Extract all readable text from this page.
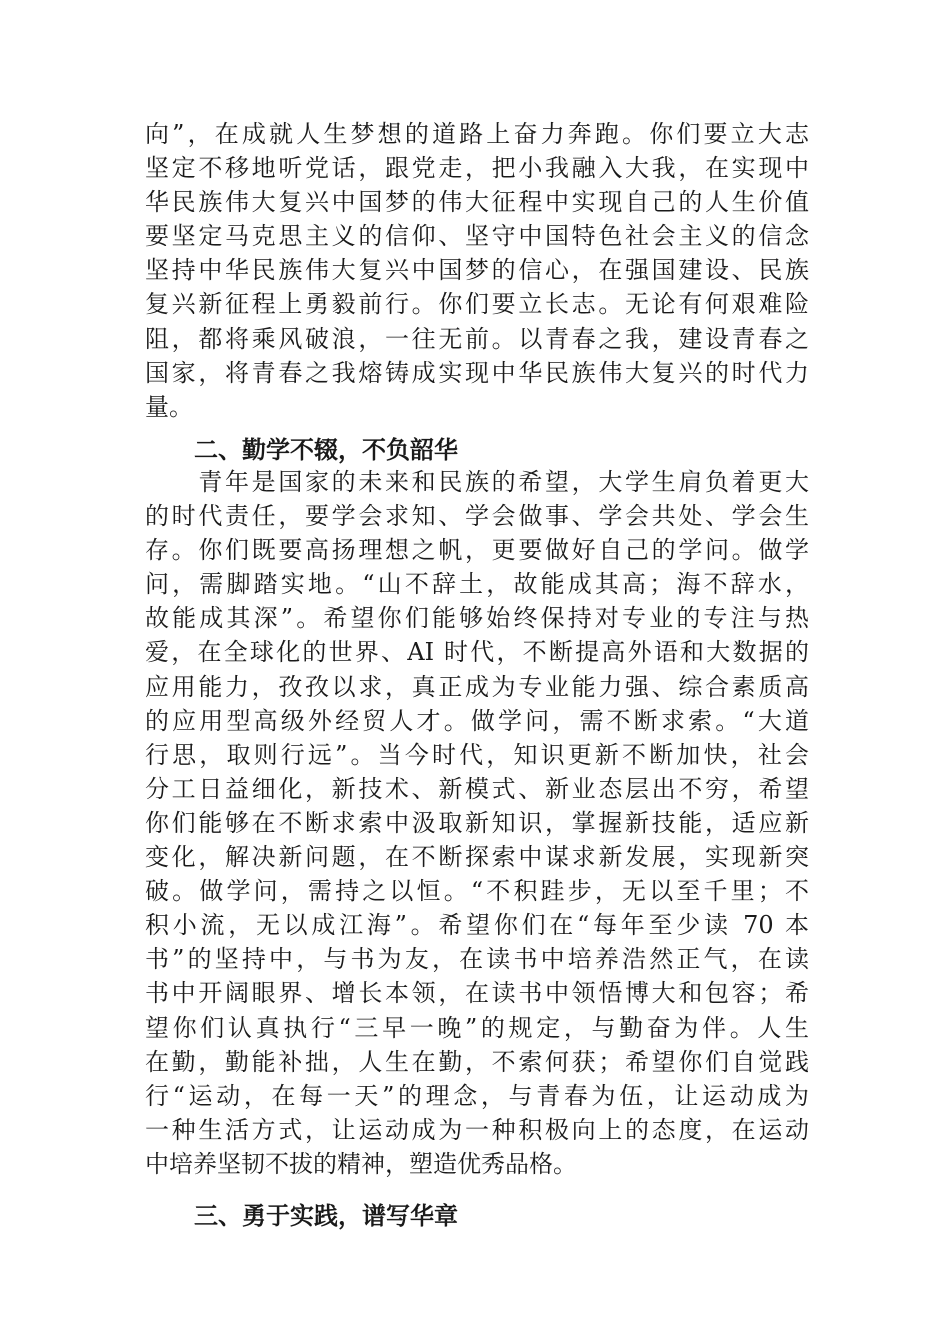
向”，在成就人生梦想的道路上奋力奔跑。你们要立大志
坚定不移地听党话，跟党走，把小我融入大我，在实现中
华民族伟大复兴中国梦的伟大征程中实现自己的人生价值
要坚定马克思主义的信仰、坚守中国特色社会主义的信念
坚持中华民族伟大复兴中国梦的信心，在强国建设、民族
复兴新征程上勇毅前行。你们要立长志。无论有何艰难险
阻，都将乘风破浪，一往无前。以青春之我，建设青春之
国家，将青春之我熔铸成实现中华民族伟大复兴的时代力
量。
二、勤学不辍，不负韶华
　　青年是国家的未来和民族的希望，大学生肩负着更大
的时代责任，要学会求知、学会做事、学会共处、学会生
存。你们既要高扬理想之帆，更要做好自己的学问。做学
问，需脚踏实地。“山不辞土，故能成其高；海不辞水，
故能成其深”。希望你们能够始终保持对专业的专注与热
爱，在全球化的世界、AI 时代，不断提高外语和大数据的
应用能力，孜孜以求，真正成为专业能力强、综合素质高
的应用型高级外经贸人才。做学问，需不断求索。“大道
行思，取则行远”。当今时代，知识更新不断加快，社会
分工日益细化，新技术、新模式、新业态层出不穷，希望
你们能够在不断求索中汲取新知识，掌握新技能，适应新
变化，解决新问题，在不断探索中谋求新发展，实现新突
破。做学问，需持之以恒。“不积跬步，无以至千里；不
积小流，无以成江海”。希望你们在“每年至少读 70 本
书”的坚持中，与书为友，在读书中培养浩然正气，在读
书中开阔眼界、增长本领，在读书中领悟博大和包容；希
望你们认真执行“三早一晚”的规定，与勤奋为伴。人生
在勤，勤能补拙，人生在勤，不索何获；希望你们自觉践
行“运动，在每一天”的理念，与青春为伍，让运动成为
一种生活方式，让运动成为一种积极向上的态度，在运动
中培养坚韧不拔的精神，塑造优秀品格。
三、勇于实践，谱写华章
